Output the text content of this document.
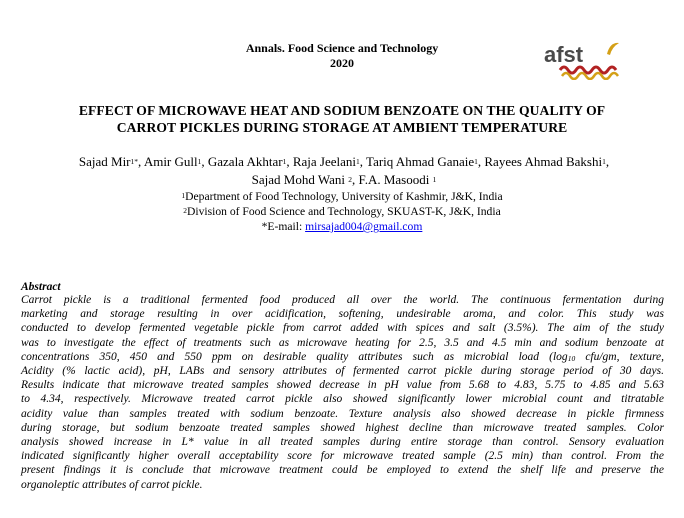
Annals. Food Science and Technology
2020	afst
EFFECT OF MICROWAVE HEAT AND SODIUM BENZOATE ON THE QUALITY OF
CARROT PICKLES DURING STORAGE AT AMBIENT TEMPERATURE
Sajad Mir$^{1*}$, Amir Gull$^1$, Gazala Akhtar$^1$, Raja Jeelani$^1$, Tariq Ahmad Ganaie$^1$, Rayees Ahmad Bakshi$^1$, Sajad Mohd Wani $^2$, F.A. Masoodi $^1$
$^1$Department of Food Technology, University of Kashmir, J&K, India
$^2$Division of Food Science and Technology, SKUAST-K, J&K, India
*E-mail: mirsajad004@gmail.com
Abstract
Carrot pickle is a traditional fermented food produced all over the world. The continuous fermentation during
marketing and storage resulting in over acidification, softening, undesirable aroma, and color. This study was
conducted to develop fermented vegetable pickle from carrot added with spices and salt (3.5%). The aim of the study
was to investigate the effect of treatments such as microwave heating for 2.5, 3.5 and 4.5 min and sodium benzoate at
concentrations 350, 450 and 550 ppm on desirable quality attributes such as microbial load ($\log_{10}$ cfu/gm, texture,
Acidity (% lactic acid), pH, LABs and sensory attributes of fermented carrot pickle during storage period of 30 days.
Results indicate that microwave treated samples showed decrease in pH value from 5.68 to 4.83, 5.75 to 4.85 and 5.63
to 4.34, respectively. Microwave treated carrot pickle also showed significantly lower microbial count and titratable
acidity value than samples treated with sodium benzoate. Texture analysis also showed decrease in pickle firmness
during storage, but sodium benzoate treated samples showed highest decline than microwave treated samples. Color
analysis showed increase in L* value in all treated samples during entire storage than control. Sensory evaluation
indicated significantly higher overall acceptability score for microwave treated sample (2.5 min) than control. From the
present findings it is conclude that microwave treatment could be employed to extend the shelf life and preserve the
organoleptic attributes of carrot pickle.
